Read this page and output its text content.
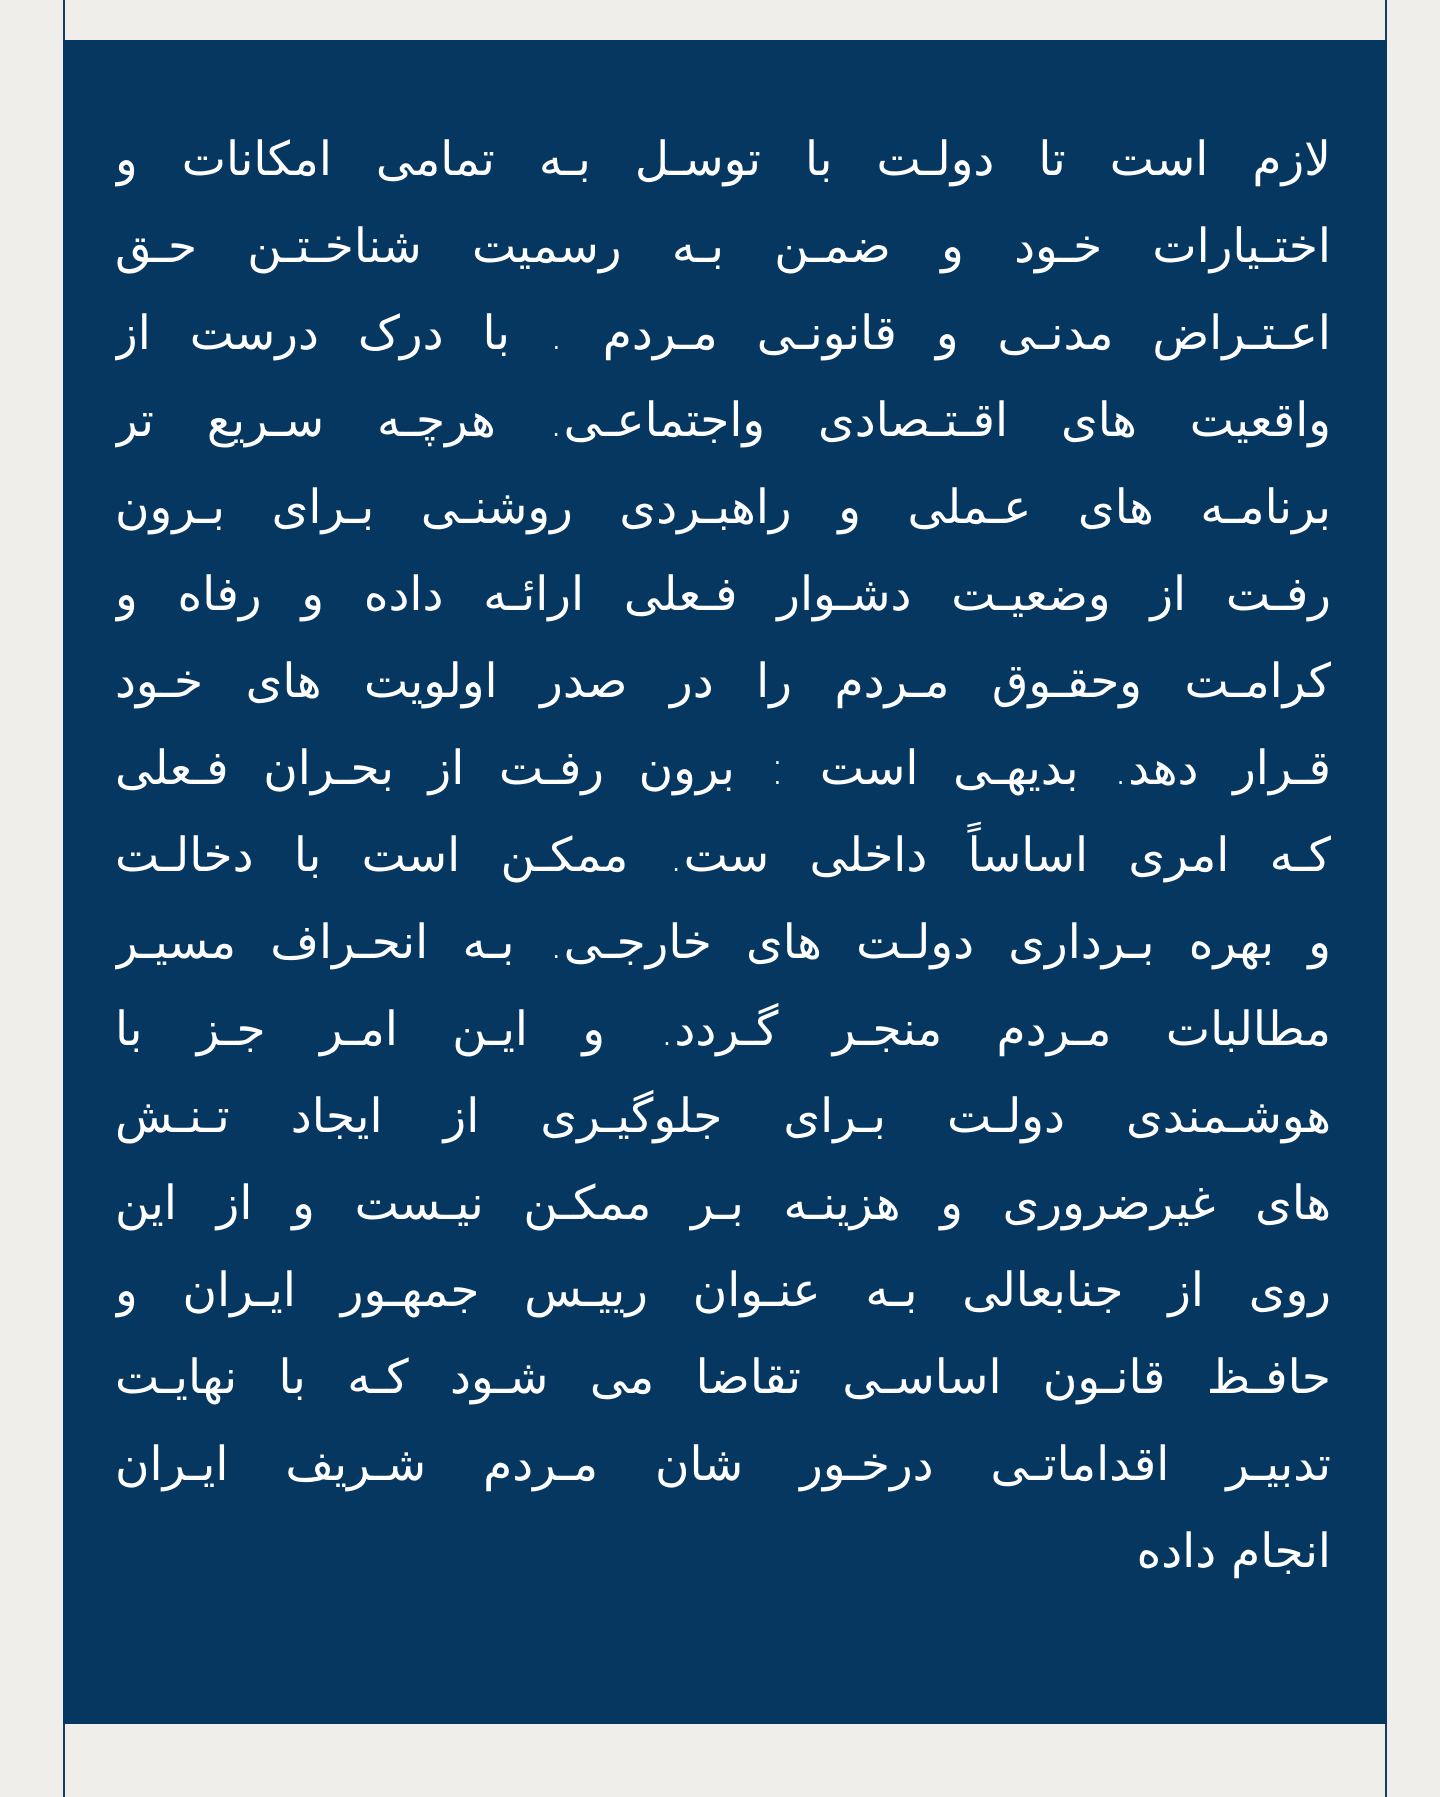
لازم است تا دولـت با توسـل بـه تمامی امکانات و
اختـیارات خـود و ضمـن بـه رسمیت شناخـتـن حـق
اعـتـراض مدنـی و قانونـی مـردم . با درک درست از
واقعیت های اقـتـصادی واجتماعـی. هرچـه سـریع تر
برنامـه های عـملی و راهبـردی روشنـی بـرای بـرون
رفـت از وضعیـت دشـوار فـعلی ارائـه داده و رفاه و
کرامـت وحقـوق مـردم را در صدر اولویت های خـود
قـرار دهد. بدیهـی است : برون رفـت از بحـران فـعلی
کـه امری اساساً داخلی ست. ممکـن است با دخالـت
و بهره بـرداری دولـت های خارجـی. بـه انحـراف مسیـر
مطالبات مـردم منجـر گـردد. و ایـن امـر جـز با
هوشـمندی دولـت بـرای جلوگیـری از ایجاد تـنـش
های غیرضروری و هزینـه بـر ممکـن نیـست و از این
روی از جنابعالی بـه عنـوان رییـس جمهـور ایـران و
حافـظ قانـون اساسـی تقاضا می شـود کـه با نهایـت
تدبیـر اقداماتـی درخـور شان مـردم شـریف ایـران
انجام داده
